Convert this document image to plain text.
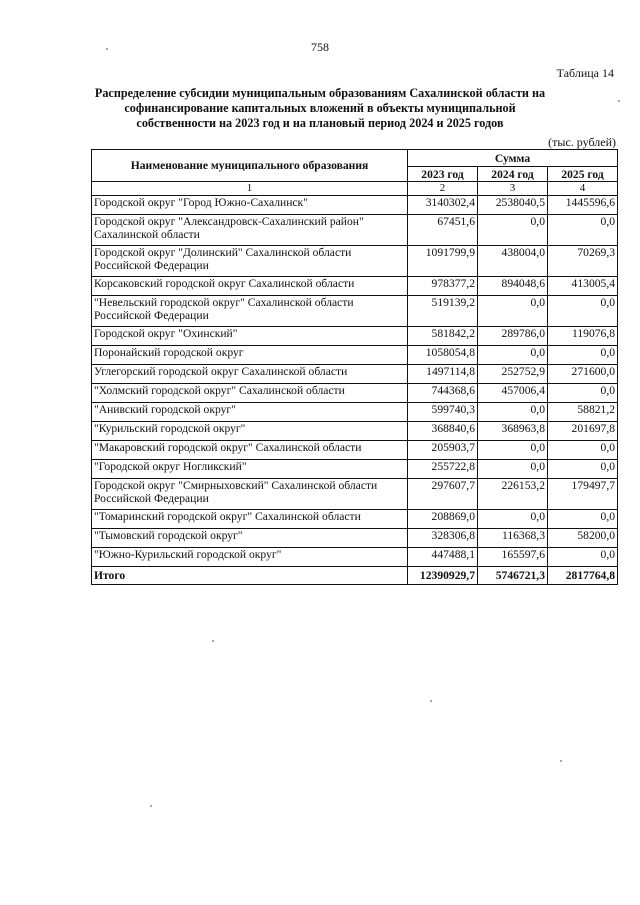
758
Таблица 14
Распределение субсидии муниципальным образованиям Сахалинской области на софинансирование капитальных вложений в объекты муниципальной собственности на 2023 год и на плановый период 2024 и 2025 годов
(тыс. рублей)
Наименование муниципального образования	Сумма		
	2023 год	2024 год	2025 год
1	2	3	4
Городской округ "Город Южно-Сахалинск"	3140302,4	2538040,5	1445596,6
Городской округ "Александровск-Сахалинский район" Сахалинской области	67451,6	0,0	0,0
Городской округ "Долинский" Сахалинской области Российской Федерации	1091799,9	438004,0	70269,3
Корсаковский городской округ Сахалинской области	978377,2	894048,6	413005,4
"Невельский городской округ" Сахалинской области Российской Федерации	519139,2	0,0	0,0
Городской округ "Охинский"	581842,2	289786,0	119076,8
Поронайский городской округ	1058054,8	0,0	0,0
Углегорский городской округ Сахалинской области	1497114,8	252752,9	271600,0
"Холмский городской округ" Сахалинской области	744368,6	457006,4	0,0
"Анивский городской округ"	599740,3	0,0	58821,2
"Курильский городской округ"	368840,6	368963,8	201697,8
"Макаровский городской округ" Сахалинской области	205903,7	0,0	0,0
"Городской округ Ногликский"	255722,8	0,0	0,0
Городской округ "Смирныховский" Сахалинской области Российской Федерации	297607,7	226153,2	179497,7
"Томаринский городской округ" Сахалинской области	208869,0	0,0	0,0
"Тымовский городской округ"	328306,8	116368,3	58200,0
"Южно-Курильский городской округ"	447488,1	165597,6	0,0
Итого	12390929,7	5746721,3	2817764,8
